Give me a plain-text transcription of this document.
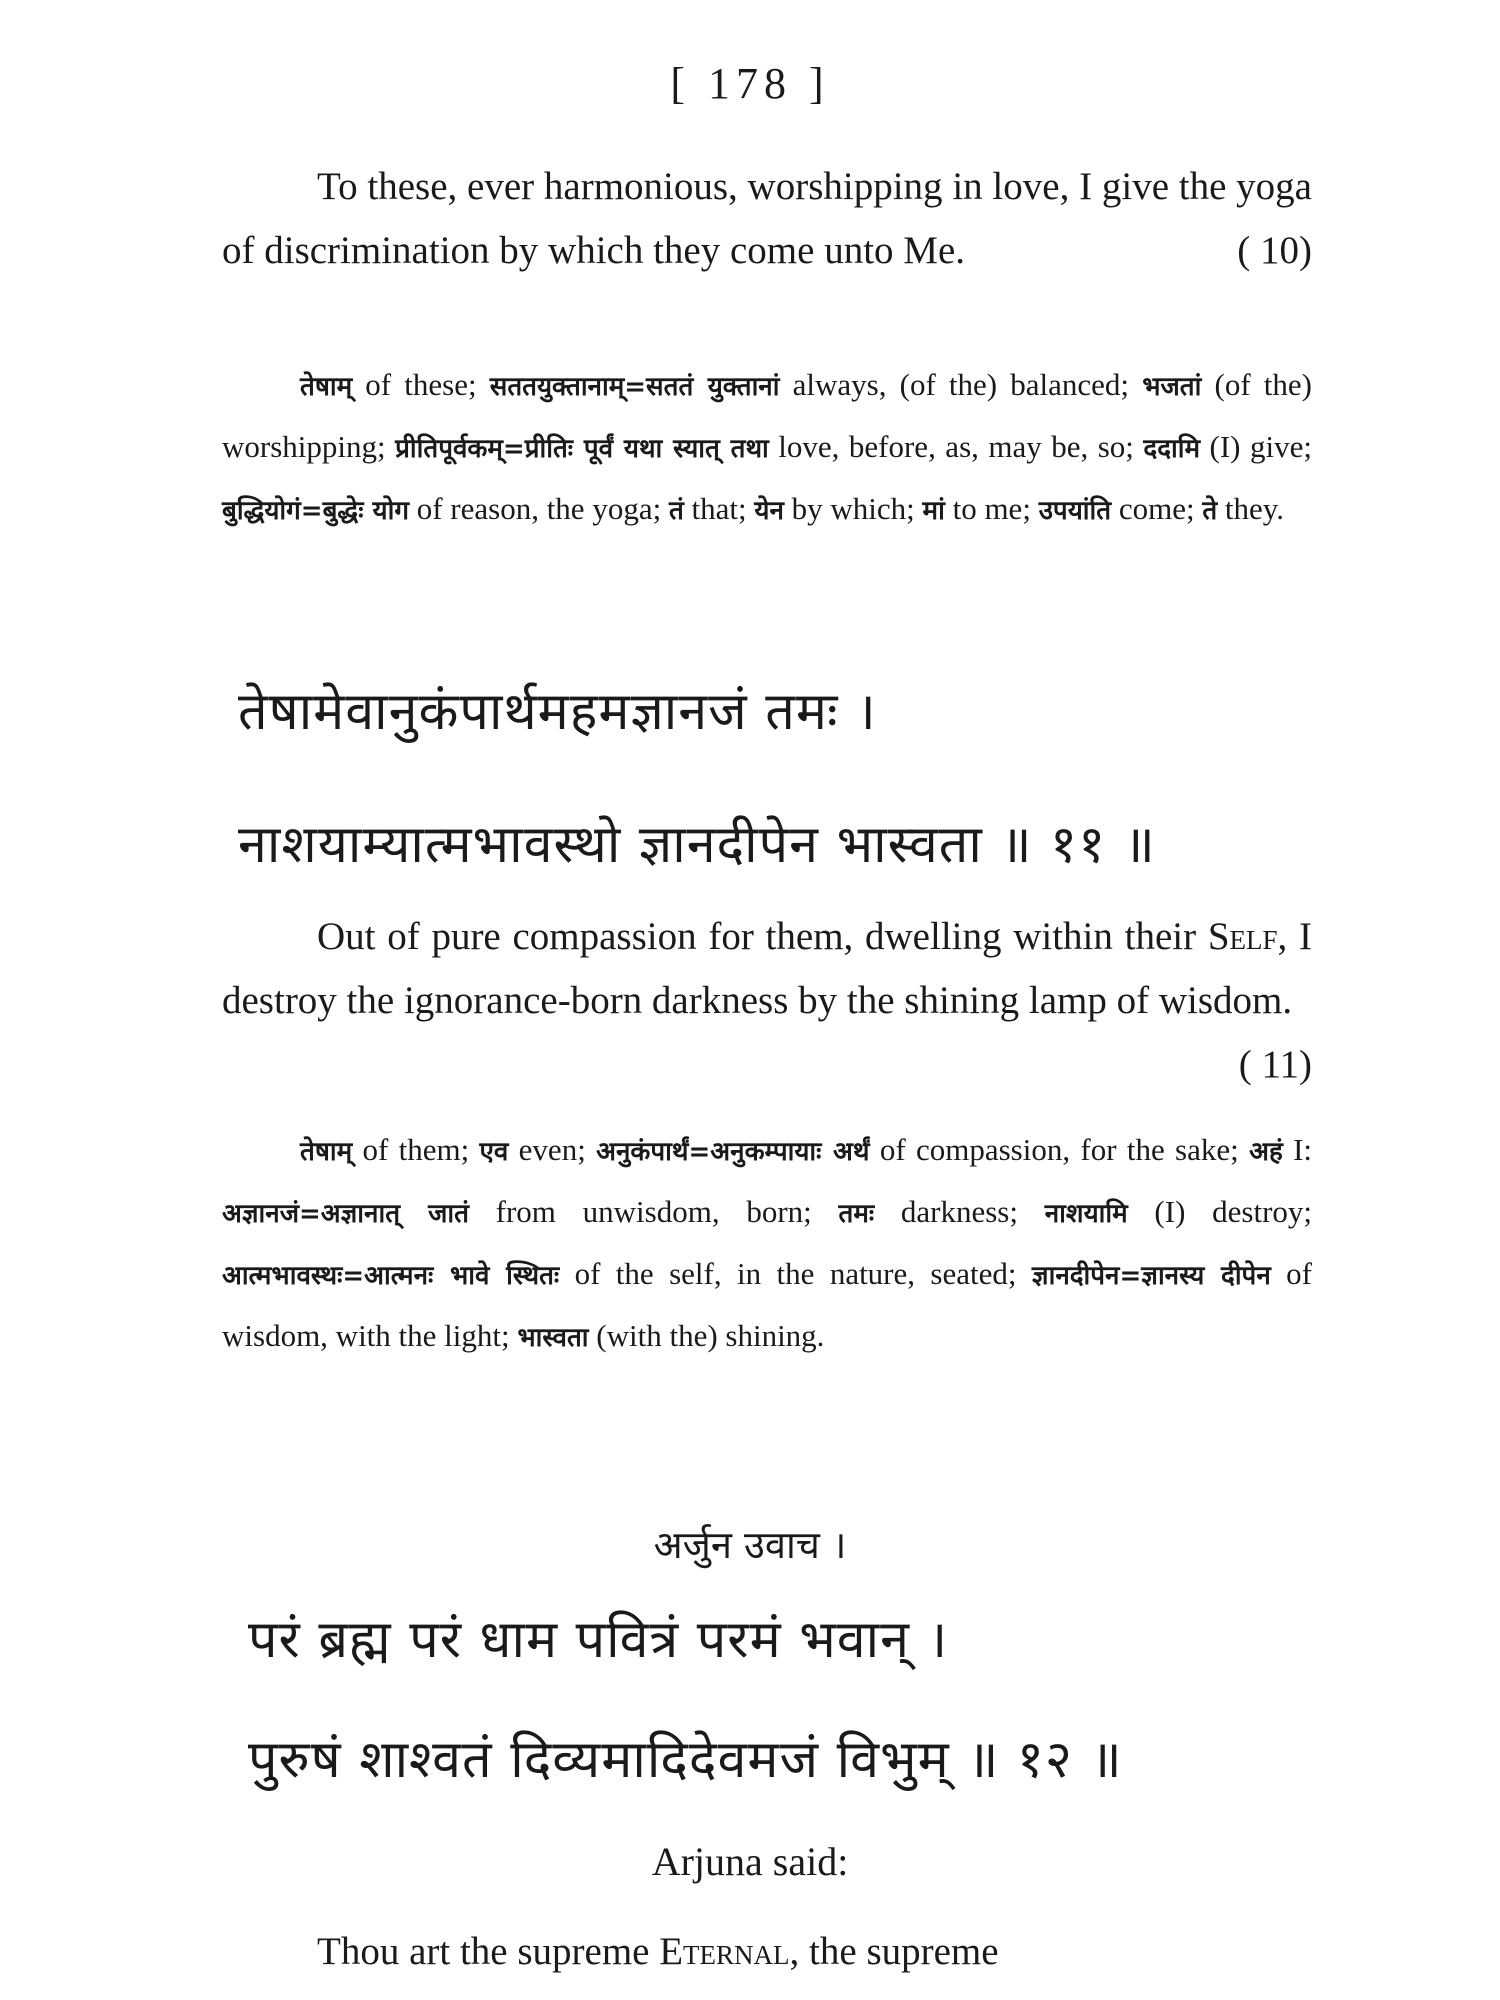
[ 178 ]

To these, ever harmonious, worshipping in love, I give the yoga of discrimination by which they come unto Me.	( 10)

तेषाम् of these; सततयुक्तानाम्=सततं युक्तानां always, (of the) balanced; भजतां (of the) worshipping; प्रीतिपूर्वकम्=प्रीतिः पूर्वं यथा स्यात् तथा love, before, as, may be, so; ददामि (I) give; बुद्धियोगं=बुद्धेः योग of reason, the yoga; तं that; येन by which; मां to me; उपयांति come; ते they.

तेषामेवानुकंपार्थमहमज्ञानजं तमः ।
नाशयाम्यात्मभावस्थो ज्ञानदीपेन भास्वता ॥ ११ ॥

Out of pure compassion for them, dwelling within their Self, I destroy the ignorance-born darkness by the shining lamp of wisdom.
( 11)

तेषाम् of them; एव even; अनुकंपार्थं=अनुकम्पायाः अर्थं of compassion, for the sake; अहं I: अज्ञानजं=अज्ञानात् जातं from unwisdom, born; तमः darkness; नाशयामि (I) destroy; आत्मभावस्थः=आत्मनः भावे स्थितः of the self, in the nature, seated; ज्ञानदीपेन=ज्ञानस्य दीपेन of wisdom, with the light; भास्वता (with the) shining.

अर्जुन उवाच ।
परं ब्रह्म परं धाम पवित्रं परमं भवान् ।
पुरुषं शाश्वतं दिव्यमादिदेवमजं विभुम् ॥ १२ ॥
Arjuna said:

Thou art the supreme Eternal, the supreme
